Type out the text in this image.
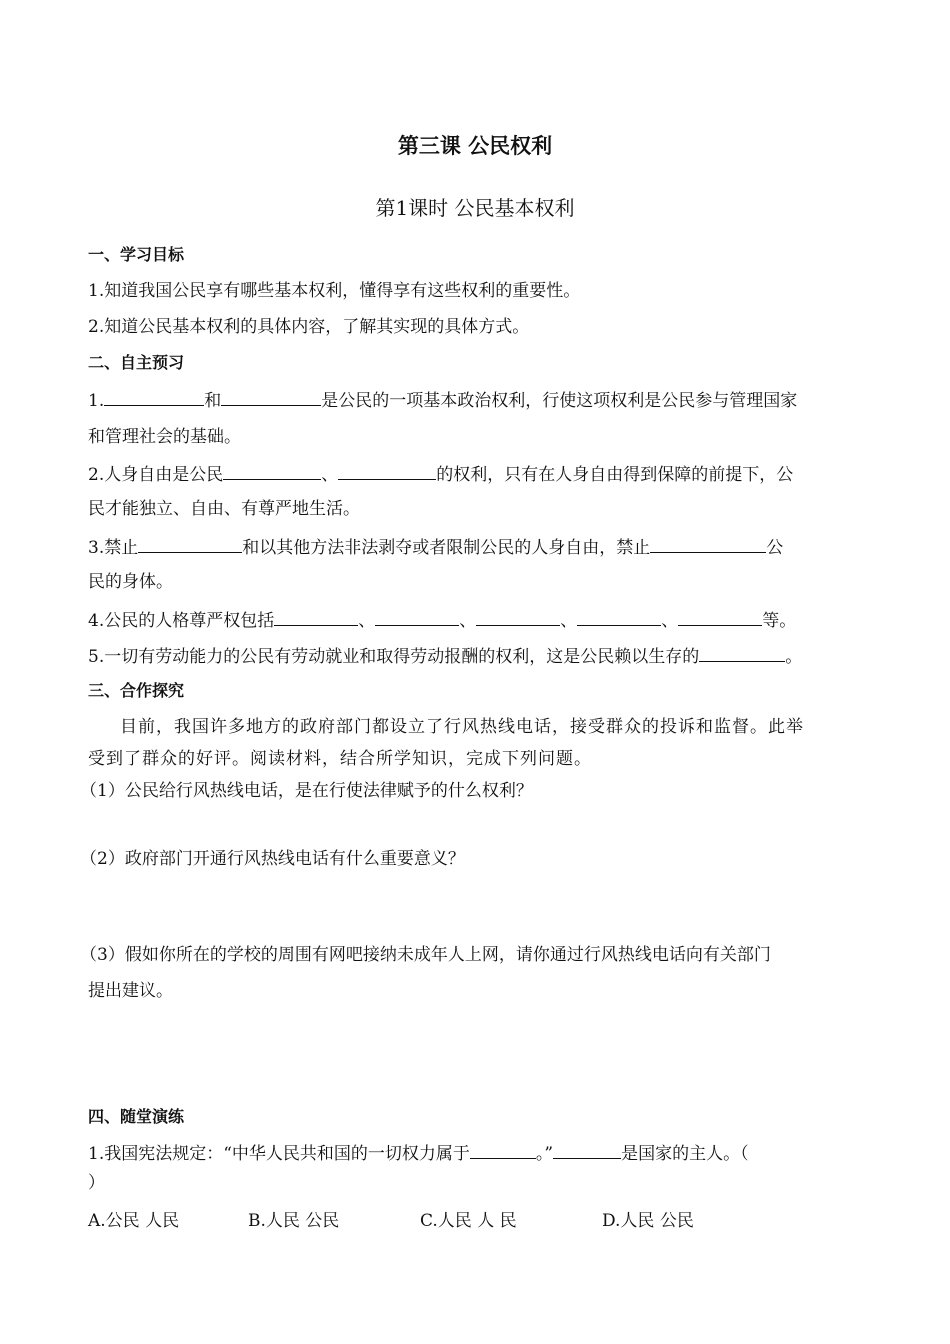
第三课 公民权利
第1课时 公民基本权利
一、学习目标
1.知道我国公民享有哪些基本权利，懂得享有这些权利的重要性。
2.知道公民基本权利的具体内容，了解其实现的具体方式。
二、自主预习
1.	和	是公民的一项基本政治权利，行使这项权利是公民参与管理国家
和管理社会的基础。
2.人身自由是公民	、	的权利，只有在人身自由得到保障的前提下，公
民才能独立、自由、有尊严地生活。
3.禁止	和以其他方法非法剥夺或者限制公民的人身自由，禁止	公
民的身体。
4.公民的人格尊严权包括	、	、	、	、	等。
5.一切有劳动能力的公民有劳动就业和取得劳动报酬的权利，这是公民赖以生存的	。
三、合作探究
目前，我国许多地方的政府部门都设立了行风热线电话，接受群众的投诉和监督。此举
受到了群众的好评。阅读材料，结合所学知识，完成下列问题。
（1）公民给行风热线电话，是在行使法律赋予的什么权利？
（2）政府部门开通行风热线电话有什么重要意义？
（3）假如你所在的学校的周围有网吧接纳未成年人上网，请你通过行风热线电话向有关部门
提出建议。
四、随堂演练
1.我国宪法规定：“中华人民共和国的一切权力属于	。”	是国家的主人。（
）
A.公民 人民	B.人民 公民	C.人民 人 民	D.人民 公民
